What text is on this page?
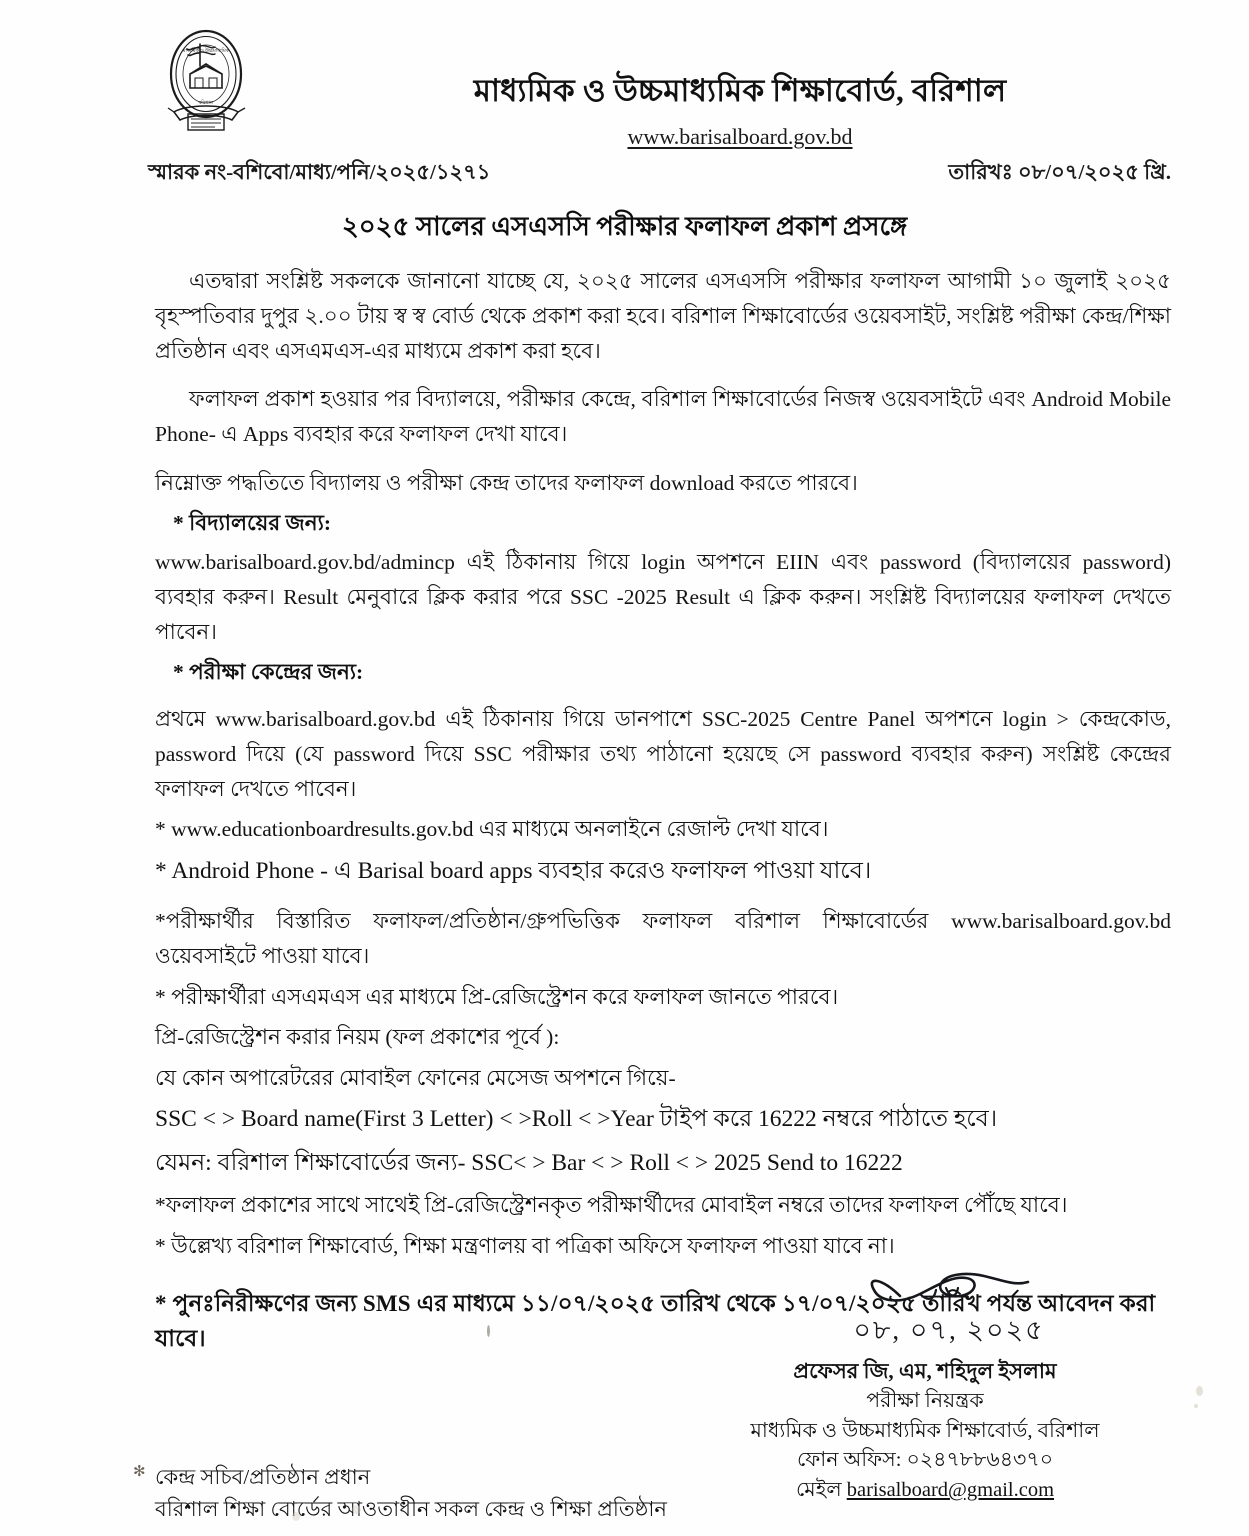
মাধ্যমিক ও উচ্চমাধ্যমিক
বরিশাল	মাধ্যমিক ও উচ্চমাধ্যমিক শিক্ষাবোর্ড, বরিশাল
www.barisalboard.gov.bd
স্মারক নং-বশিবো/মাধ্য/পনি/২০২৫/১২৭১	তারিখঃ ০৮/০৭/২০২৫ খ্রি.
২০২৫ সালের এসএসসি পরীক্ষার ফলাফল প্রকাশ প্রসঙ্গে

এতদ্বারা সংশ্লিষ্ট সকলকে জানানো যাচ্ছে যে, ২০২৫ সালের এসএসসি পরীক্ষার ফলাফল আগামী ১০ জুলাই ২০২৫ বৃহস্পতিবার দুপুর ২.০০ টায় স্ব স্ব বোর্ড থেকে প্রকাশ করা হবে। বরিশাল শিক্ষাবোর্ডের ওয়েবসাইট, সংশ্লিষ্ট পরীক্ষা কেন্দ্র/শিক্ষা প্রতিষ্ঠান এবং এসএমএস-এর মাধ্যমে প্রকাশ করা হবে।

ফলাফল প্রকাশ হওয়ার পর বিদ্যালয়ে, পরীক্ষার কেন্দ্রে, বরিশাল শিক্ষাবোর্ডের নিজস্ব ওয়েবসাইটে এবং Android Mobile Phone- এ Apps ব্যবহার করে ফলাফল দেখা যাবে।

নিম্নোক্ত পদ্ধতিতে বিদ্যালয় ও পরীক্ষা কেন্দ্র তাদের ফলাফল download করতে পারবে।

* বিদ্যালয়ের জন্য:

www.barisalboard.gov.bd/admincp এই ঠিকানায় গিয়ে login অপশনে EIIN এবং password (বিদ্যালয়ের password) ব্যবহার করুন। Result মেনুবারে ক্লিক করার পরে SSC -2025 Result এ ক্লিক করুন। সংশ্লিষ্ট বিদ্যালয়ের ফলাফল দেখতে পাবেন।

* পরীক্ষা কেন্দ্রের জন্য:

প্রথমে www.barisalboard.gov.bd এই ঠিকানায় গিয়ে ডানপাশে SSC-2025 Centre Panel অপশনে login > কেন্দ্রকোড, password দিয়ে (যে password দিয়ে SSC পরীক্ষার তথ্য পাঠানো হয়েছে সে password ব্যবহার করুন) সংশ্লিষ্ট কেন্দ্রের ফলাফল দেখতে পাবেন।

* www.educationboardresults.gov.bd এর মাধ্যমে অনলাইনে রেজাল্ট দেখা যাবে।

* Android Phone - এ Barisal board apps ব্যবহার করেও ফলাফল পাওয়া যাবে।

*পরীক্ষার্থীর বিস্তারিত ফলাফল/প্রতিষ্ঠান/গ্রুপভিত্তিক ফলাফল বরিশাল শিক্ষাবোর্ডের www.barisalboard.gov.bd ওয়েবসাইটে পাওয়া যাবে।

* পরীক্ষার্থীরা এসএমএস এর মাধ্যমে প্রি-রেজিস্ট্রেশন করে ফলাফল জানতে পারবে।

প্রি-রেজিস্ট্রেশন করার নিয়ম (ফল প্রকাশের পূর্বে ):

যে কোন অপারেটরের মোবাইল ফোনের মেসেজ অপশনে গিয়ে-

SSC < > Board name(First 3 Letter) < >Roll < >Year টাইপ করে 16222 নম্বরে পাঠাতে হবে।

যেমন: বরিশাল শিক্ষাবোর্ডের জন্য- SSC< > Bar < > Roll < > 2025 Send to 16222

*ফলাফল প্রকাশের সাথে সাথেই প্রি-রেজিস্ট্রেশনকৃত পরীক্ষার্থীদের মোবাইল নম্বরে তাদের ফলাফল পৌঁছে যাবে।

* উল্লেখ্য বরিশাল শিক্ষাবোর্ড, শিক্ষা মন্ত্রণালয় বা পত্রিকা অফিসে ফলাফল পাওয়া যাবে না।

* পুনঃনিরীক্ষণের জন্য SMS এর মাধ্যমে ১১/০৭/২০২৫ তারিখ থেকে ১৭/০৭/২০২৫ তারিখ পর্যন্ত আবেদন করা যাবে।	০৮, ০৭, ২০২৫
প্রফেসর জি, এম, শহিদুল ইসলাম
পরীক্ষা নিয়ন্ত্রক
মাধ্যমিক ও উচ্চমাধ্যমিক শিক্ষাবোর্ড, বরিশাল
ফোন অফিস: ০২৪৭৮৮৬৪৩৭০
মেইল barisalboard@gmail.com
✻ কেন্দ্র সচিব/প্রতিষ্ঠান প্রধান
বরিশাল শিক্ষা বোর্ডের আওতাধীন সকল কেন্দ্র ও শিক্ষা প্রতিষ্ঠান
